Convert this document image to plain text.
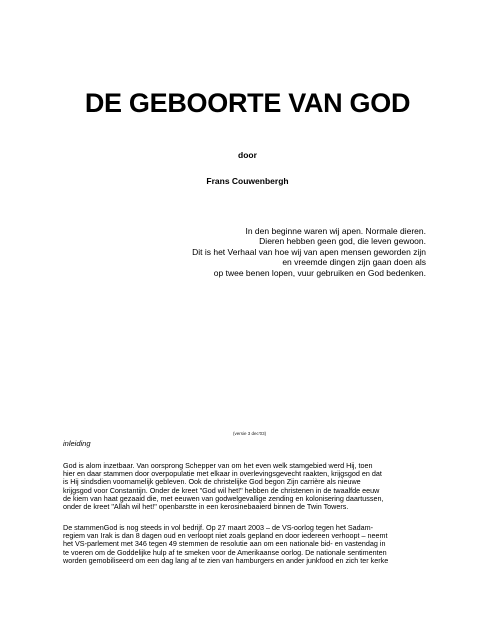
DE GEBOORTE VAN GOD
door
Frans Couwenbergh
In den beginne waren wij apen. Normale dieren.
Dieren hebben geen god, die leven gewoon.
Dit is het Verhaal van hoe wij van apen mensen geworden zijn
en vreemde dingen zijn gaan doen als
op twee benen lopen, vuur gebruiken en God bedenken.
(versie 3 dec'03)
inleiding
God is alom inzetbaar. Van oorsprong Schepper van om het even welk stamgebied werd Hij, toen
hier en daar stammen door overpopulatie met elkaar in overlevingsgevecht raakten, krijgsgod en dat
is Hij sindsdien voornamelijk gebleven. Ook de christelijke God begon Zijn carrière als nieuwe
krijgsgod voor Constantijn. Onder de kreet "God wil het!" hebben de christenen in de twaalfde eeuw
de kiem van haat gezaaid die, met eeuwen van godwelgevallige zending en kolonisering daartussen,
onder de kreet "Allah wil het!" openbarstte in een kerosinebaaierd binnen de Twin Towers.
De stammenGod is nog steeds in vol bedrijf. Op 27 maart 2003 – de VS-oorlog tegen het Sadam-
regiem van Irak is dan 8 dagen oud en verloopt niet zoals gepland en door iedereen verhoopt – neemt
het VS-parlement met 346 tegen 49 stemmen de resolutie aan om een nationale bid- en vastendag in
te voeren om de Goddelijke hulp af te smeken voor de Amerikaanse oorlog. De nationale sentimenten
worden gemobiliseerd om een dag lang af te zien van hamburgers en ander junkfood en zich ter kerke
